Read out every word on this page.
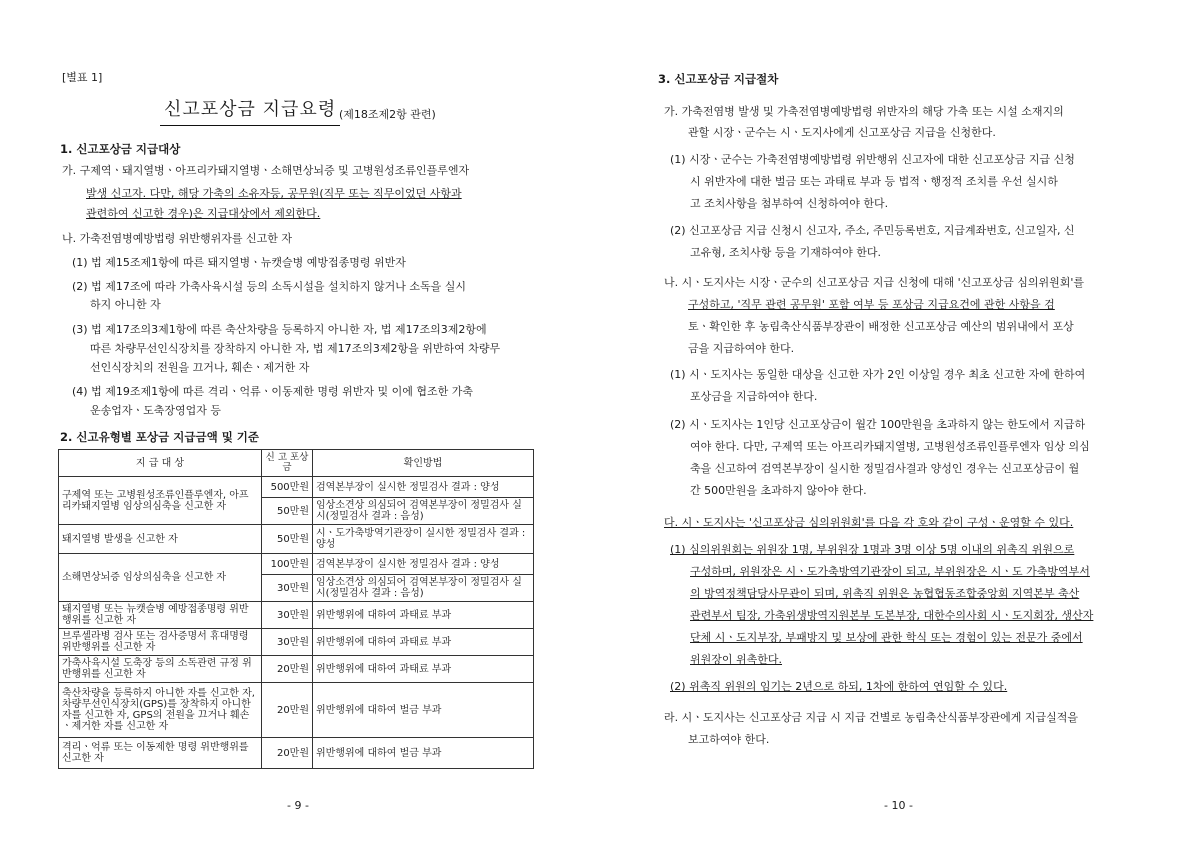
[별표 1]
신고포상금 지급요령 (제18조제2항 관련)
1. 신고포상금 지급대상
가. 구제역ㆍ돼지열병ㆍ아프리카돼지열병ㆍ소해면상뇌증 및 고병원성조류인플루엔자
발생 신고자. 다만, 해당 가축의 소유자등, 공무원(직무 또는 직무이었던 사항과
관련하여 신고한 경우)은 지급대상에서 제외한다.
나. 가축전염병예방법령 위반행위자를 신고한 자
(1) 법 제15조제1항에 따른 돼지열병ㆍ뉴캣슬병 예방접종명령 위반자
(2) 법 제17조에 따라 가축사육시설 등의 소독시설을 설치하지 않거나 소독을 실시
하지 아니한 자
(3) 법 제17조의3제1항에 따른 축산차량을 등록하지 아니한 자, 법 제17조의3제2항에
따른 차량무선인식장치를 장착하지 아니한 자, 법 제17조의3제2항을 위반하여 차량무
선인식장치의 전원을 끄거나, 훼손ㆍ제거한 자
(4) 법 제19조제1항에 따른 격리ㆍ억류ㆍ이동제한 명령 위반자 및 이에 협조한 가축
운송업자ㆍ도축장영업자 등
2. 신고유형별 포상금 지급금액 및 기준
지 급 대 상	신 고 포상금	확인방법
구제역 또는 고병원성조류인플루엔자, 아프리카돼지열병 임상의심축을 신고한 자	500만원	검역본부장이 실시한 정밀검사 결과 : 양성
	50만원	임상소견상 의심되어 검역본부장이 정밀검사 실시(정밀검사 결과 : 음성)
돼지열병 발생을 신고한 자	50만원	시ㆍ도가축방역기관장이 실시한 정밀검사 결과 : 양성
소해면상뇌증 임상의심축을 신고한 자	100만원	검역본부장이 실시한 정밀검사 결과 : 양성
	30만원	임상소견상 의심되어 검역본부장이 정밀검사 실시(정밀검사 결과 : 음성)
돼지열병 또는 뉴캣슬병 예방접종명령 위반행위를 신고한 자	30만원	위반행위에 대하여 과태료 부과
브루셀라병 검사 또는 검사증명서 휴대명령 위반행위를 신고한 자	30만원	위반행위에 대하여 과태료 부과
가축사육시설 도축장 등의 소독관련 규정 위반행위를 신고한 자	20만원	위반행위에 대하여 과태료 부과
축산차량을 등록하지 아니한 자를 신고한 자, 차량무선인식장치(GPS)를 장착하지 아니한 자를 신고한 자, GPS의 전원을 끄거나 훼손ㆍ제거한 자를 신고한 자	20만원	위반행위에 대하여 벌금 부과
격리ㆍ억류 또는 이동제한 명령 위반행위를 신고한 자	20만원	위반행위에 대하여 벌금 부과
- 9 -
3. 신고포상금 지급절차
가. 가축전염병 발생 및 가축전염병예방법령 위반자의 해당 가축 또는 시설 소재지의
관할 시장ㆍ군수는 시ㆍ도지사에게 신고포상금 지급을 신청한다.
(1) 시장ㆍ군수는 가축전염병예방법령 위반행위 신고자에 대한 신고포상금 지급 신청
시 위반자에 대한 벌금 또는 과태료 부과 등 법적ㆍ행정적 조치를 우선 실시하
고 조치사항을 첨부하여 신청하여야 한다.
(2) 신고포상금 지급 신청시 신고자, 주소, 주민등록번호, 지급계좌번호, 신고일자, 신
고유형, 조치사항 등을 기재하여야 한다.
나. 시ㆍ도지사는 시장ㆍ군수의 신고포상금 지급 신청에 대해 '신고포상금 심의위원회'를
구성하고, '직무 관련 공무원' 포함 여부 등 포상금 지급요건에 관한 사항을 검
토ㆍ확인한 후 농림축산식품부장관이 배정한 신고포상금 예산의 범위내에서 포상
금을 지급하여야 한다.
(1) 시ㆍ도지사는 동일한 대상을 신고한 자가 2인 이상일 경우 최초 신고한 자에 한하여
포상금을 지급하여야 한다.
(2) 시ㆍ도지사는 1인당 신고포상금이 월간 100만원을 초과하지 않는 한도에서 지급하
여야 한다. 다만, 구제역 또는 아프리카돼지열병, 고병원성조류인플루엔자 임상 의심
축을 신고하여 검역본부장이 실시한 정밀검사결과 양성인 경우는 신고포상금이 월
간 500만원을 초과하지 않아야 한다.
다. 시ㆍ도지사는 '신고포상금 심의위원회'를 다음 각 호와 같이 구성ㆍ운영할 수 있다.
(1) 심의위원회는 위원장 1명, 부위원장 1명과 3명 이상 5명 이내의 위촉직 위원으로
구성하며, 위원장은 시ㆍ도가축방역기관장이 되고, 부위원장은 시ㆍ도 가축방역부서
의 방역정책담당사무관이 되며, 위촉직 위원은 농협협동조합중앙회 지역본부 축산
관련부서 팀장, 가축위생방역지원본부 도본부장, 대한수의사회 시ㆍ도지회장, 생산자
단체 시ㆍ도지부장, 부패방지 및 보상에 관한 학식 또는 경험이 있는 전문가 중에서
위원장이 위촉한다.
(2) 위촉직 위원의 임기는 2년으로 하되, 1차에 한하여 연임할 수 있다.
라. 시ㆍ도지사는 신고포상금 지급 시 지급 건별로 농림축산식품부장관에게 지급실적을
보고하여야 한다.
- 10 -
